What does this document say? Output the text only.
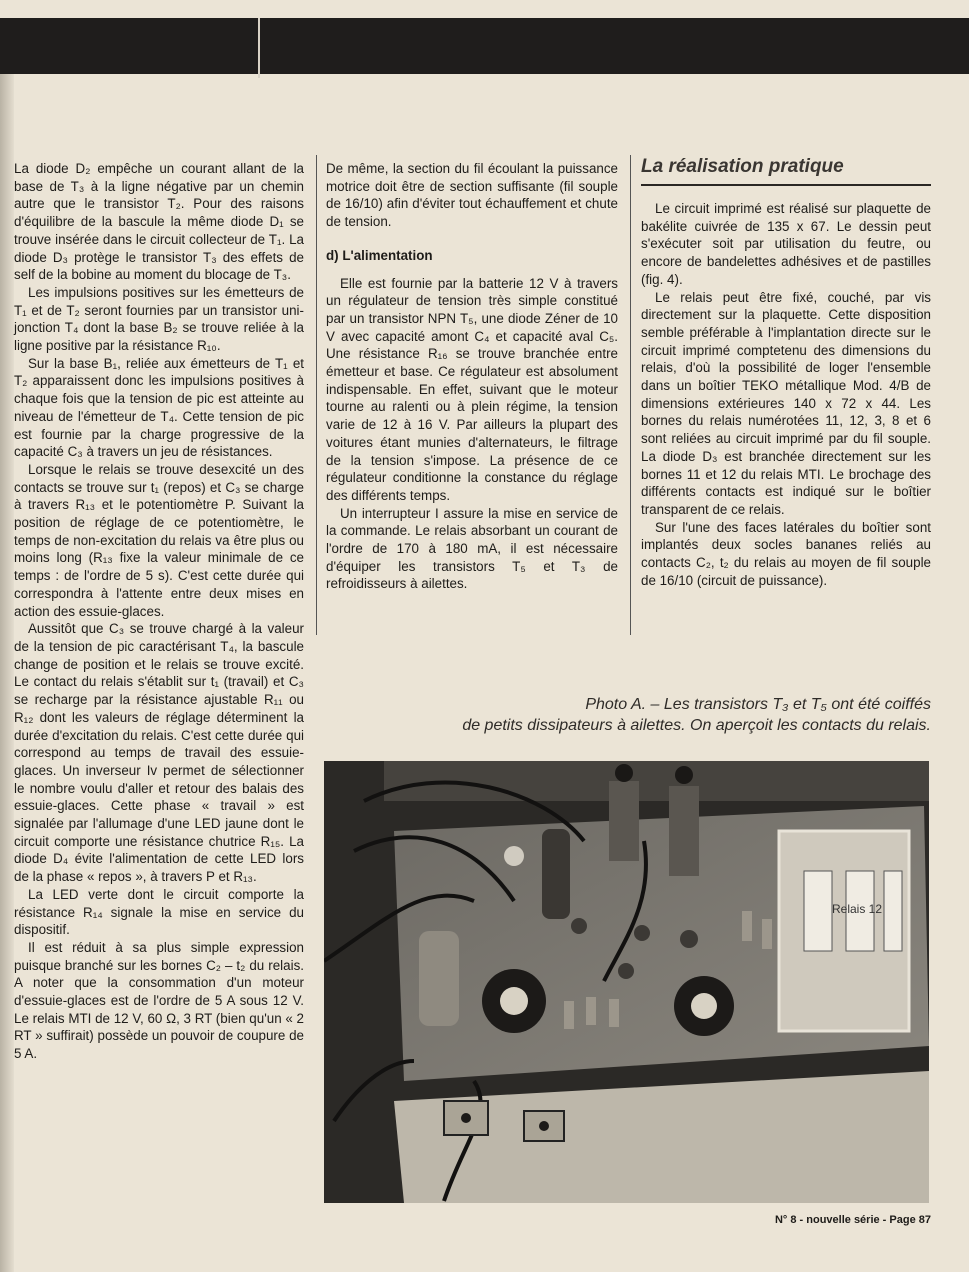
La diode D₂ empêche un courant allant de la base de T₃ à la ligne négative par un chemin autre que le transistor T₂. Pour des raisons d'équilibre de la bascule la même diode D₁ se trouve insérée dans le circuit collecteur de T₁. La diode D₃ protège le transistor T₃ des effets de self de la bobine au moment du blocage de T₃.

Les impulsions positives sur les émetteurs de T₁ et de T₂ seront fournies par un transistor uni-jonction T₄ dont la base B₂ se trouve reliée à la ligne positive par la résistance R₁₀.

Sur la base B₁, reliée aux émetteurs de T₁ et T₂ apparaissent donc les impulsions positives à chaque fois que la tension de pic est atteinte au niveau de l'émetteur de T₄. Cette tension de pic est fournie par la charge progressive de la capacité C₃ à travers un jeu de résistances.

Lorsque le relais se trouve desexcité un des contacts se trouve sur t₁ (repos) et C₃ se charge à travers R₁₃ et le potentiomètre P. Suivant la position de réglage de ce potentiomètre, le temps de non-excitation du relais va être plus ou moins long (R₁₃ fixe la valeur minimale de ce temps : de l'ordre de 5 s). C'est cette durée qui correspondra à l'attente entre deux mises en action des essuie-glaces.

Aussitôt que C₃ se trouve chargé à la valeur de la tension de pic caractérisant T₄, la bascule change de position et le relais se trouve excité. Le contact du relais s'établit sur t₁ (travail) et C₃ se recharge par la résistance ajustable R₁₁ ou R₁₂ dont les valeurs de réglage déterminent la durée d'excitation du relais. C'est cette durée qui correspond au temps de travail des essuie-glaces. Un inverseur Iv permet de sélectionner le nombre voulu d'aller et retour des balais des essuie-glaces. Cette phase « travail » est signalée par l'allumage d'une LED jaune dont le circuit comporte une résistance chutrice R₁₅. La diode D₄ évite l'alimentation de cette LED lors de la phase « repos », à travers P et R₁₃.

La LED verte dont le circuit comporte la résistance R₁₄ signale la mise en service du dispositif.

Il est réduit à sa plus simple expression puisque branché sur les bornes C₂ – t₂ du relais. A noter que la consommation d'un moteur d'essuie-glaces est de l'ordre de 5 A sous 12 V. Le relais MTI de 12 V, 60 Ω, 3 RT (bien qu'un « 2 RT » suffirait) possède un pouvoir de coupure de 5 A.

De même, la section du fil écoulant la puissance motrice doit être de section suffisante (fil souple de 16/10) afin d'éviter tout échauffement et chute de tension.

d) L'alimentation

Elle est fournie par la batterie 12 V à travers un régulateur de tension très simple constitué par un transistor NPN T₅, une diode Zéner de 10 V avec capacité amont C₄ et capacité aval C₅. Une résistance R₁₆ se trouve branchée entre émetteur et base. Ce régulateur est absolument indispensable. En effet, suivant que le moteur tourne au ralenti ou à plein régime, la tension varie de 12 à 16 V. Par ailleurs la plupart des voitures étant munies d'alternateurs, le filtrage de la tension s'impose. La présence de ce régulateur conditionne la constance du réglage des différents temps.

Un interrupteur I assure la mise en service de la commande. Le relais absorbant un courant de l'ordre de 170 à 180 mA, il est nécessaire d'équiper les transistors T₅ et T₃ de refroidisseurs à ailettes.

La réalisation pratique

Le circuit imprimé est réalisé sur plaquette de bakélite cuivrée de 135 x 67. Le dessin peut s'exécuter soit par utilisation du feutre, ou encore de bandelettes adhésives et de pastilles (fig. 4).

Le relais peut être fixé, couché, par vis directement sur la plaquette. Cette disposition semble préférable à l'implantation directe sur le circuit imprimé comptetenu des dimensions du relais, d'où la possibilité de loger l'ensemble dans un boîtier TEKO métallique Mod. 4/B de dimensions extérieures 140 x 72 x 44. Les bornes du relais numérotées 11, 12, 3, 8 et 6 sont reliées au circuit imprimé par du fil souple. La diode D₃ est branchée directement sur les bornes 11 et 12 du relais MTI. Le brochage des différents contacts est indiqué sur le boîtier transparent de ce relais.

Sur l'une des faces latérales du boîtier sont implantés deux socles bananes reliés au contacts C₂, t₂ du relais au moyen de fil souple de 16/10 (circuit de puissance).

Photo A. – Les transistors T₃ et T₅ ont été coiffés
de petits dissipateurs à ailettes. On aperçoit les contacts du relais.
Relais 12
N° 8 - nouvelle série - Page 87
